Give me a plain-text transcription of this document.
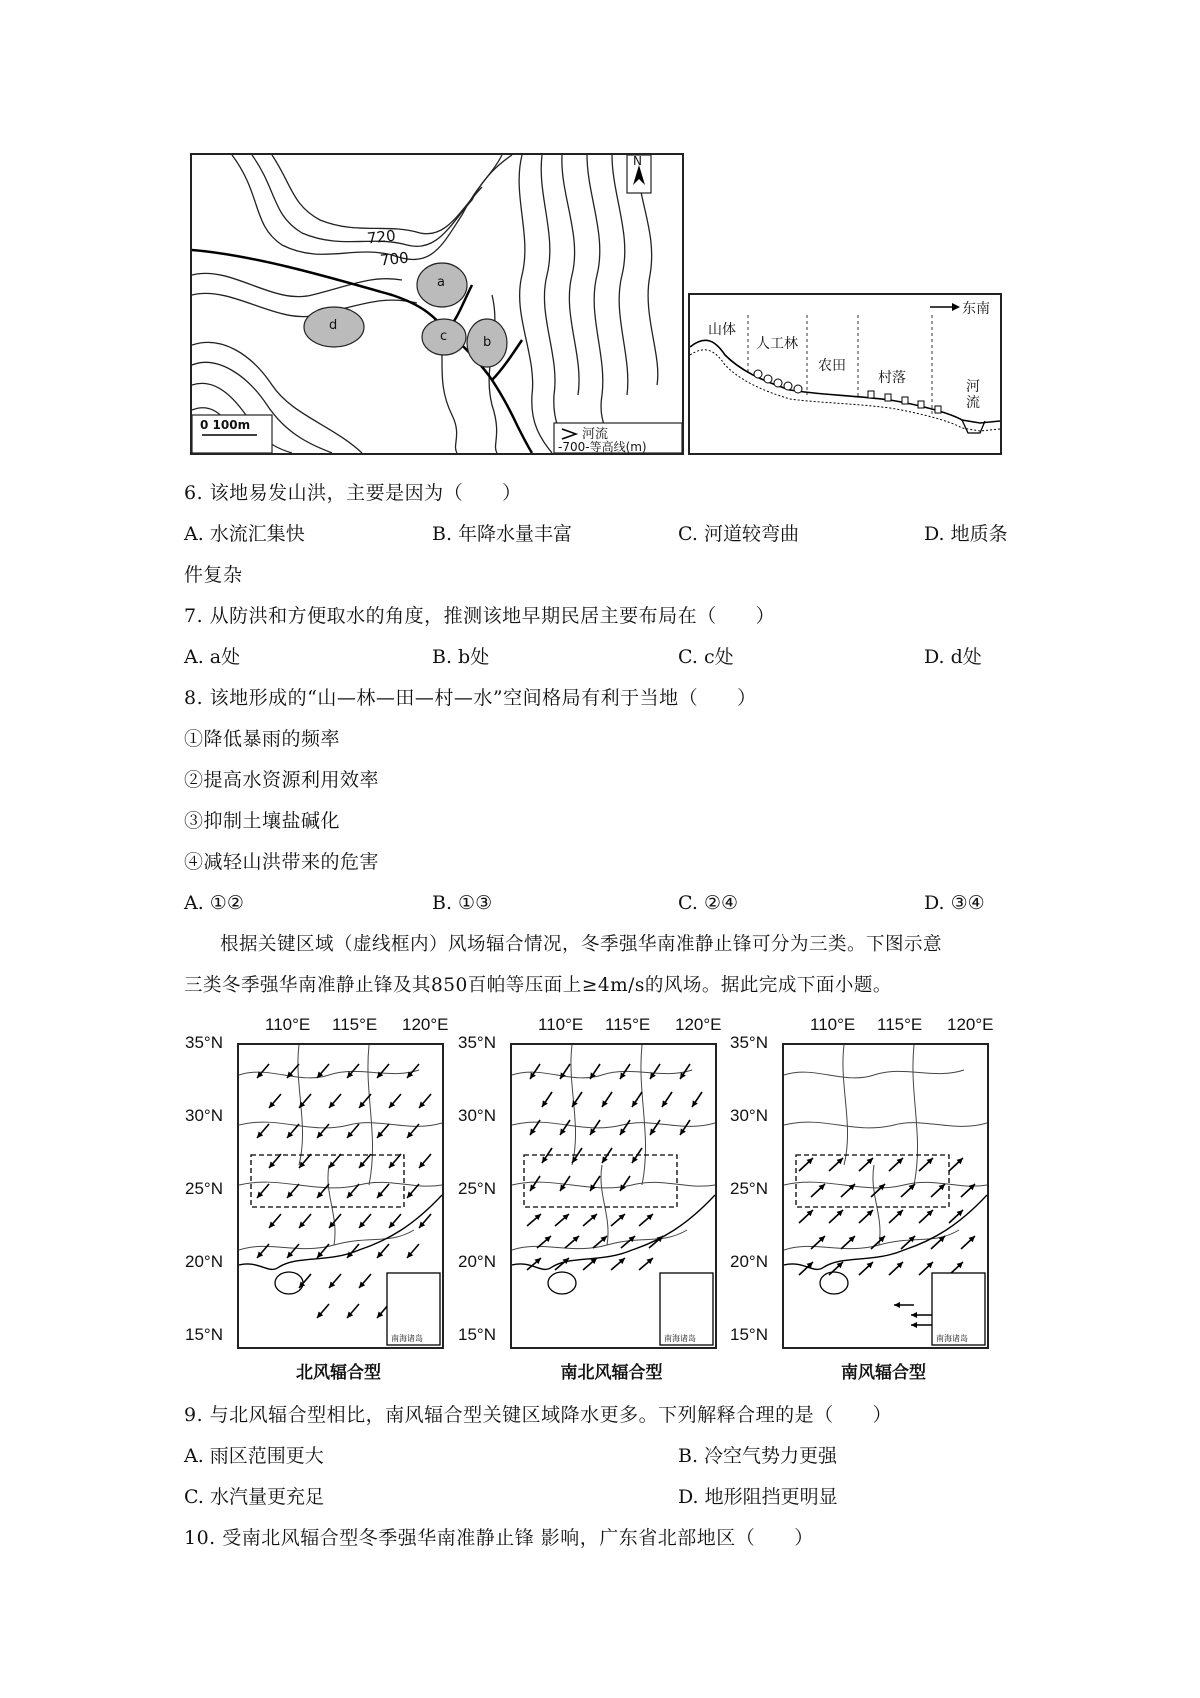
N
720
700
a
b
c
d
0 100m
河流
-700-等高线(m)
东南
山体
人工林
农田
村落
河流
6. 该地易发山洪，主要是因为（　　）
A. 水流汇集快	B. 年降水量丰富	C. 河道较弯曲	D. 地质条
件复杂
7. 从防洪和方便取水的角度，推测该地早期民居主要布局在（　　）
A. a处	B. b处	C. c处	D. d处
8. 该地形成的“山—林—田—村—水”空间格局有利于当地（　　）
①降低暴雨的频率
②提高水资源利用效率
③抑制土壤盐碱化
④减轻山洪带来的危害
A. ①②	B. ①③	C. ②④	D. ③④
根据关键区域（虚线框内）风场辐合情况，冬季强华南准静止锋可分为三类。下图示意
三类冬季强华南准静止锋及其850百帕等压面上≥4m/s的风场。据此完成下面小题。
南海诸岛
110°E 115°E 120°E
35°N
30°N
25°N
20°N
15°N
北风辐合型
南海诸岛
110°E 115°E 120°E
35°N
30°N
25°N
20°N
15°N
南北风辐合型
南海诸岛
110°E 115°E 120°E
35°N
30°N
25°N
20°N
15°N
南风辐合型
9. 与北风辐合型相比，南风辐合型关键区域降水更多。下列解释合理的是（　　）
A. 雨区范围更大	B. 冷空气势力更强
C. 水汽量更充足	D. 地形阻挡更明显
10. 受南北风辐合型冬季强华南准静止锋 影响，广东省北部地区（　　）
